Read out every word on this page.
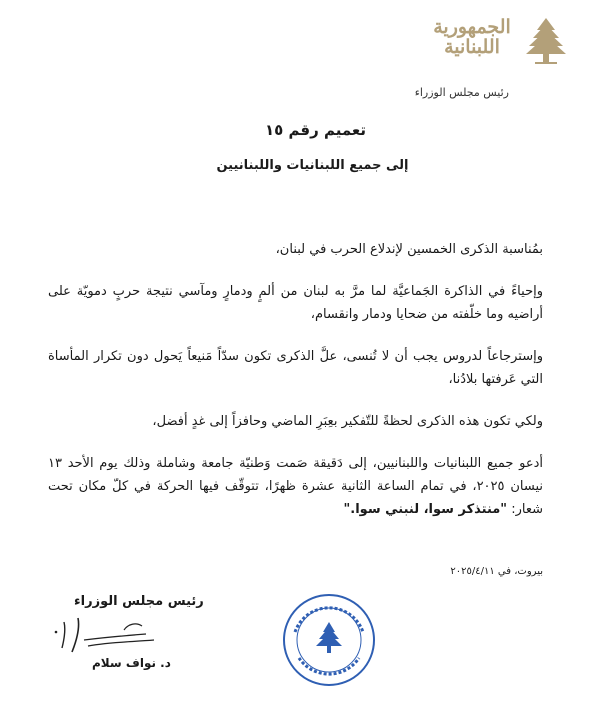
الجمهورية
اللبنانية
رئيس مجلس الوزراء
تعميم رقم ١٥
إلى جميع اللبنانيات واللبنانيين

بمُناسبة الذكرى الخمسين لإندلاع الحرب في لبنان،

وإحياءً في الذاكرة الجَماعيَّة لما مرَّ به لبنان من ألمٍ ودمارٍ ومآسي نتيجة حربٍ دمويّة على أراضيه وما خلّفته من ضحايا ودمار وانقسام،

وإسترجاعاً لدروس يجب أن لا تُنسى، علَّ الذكرى تكون سدّاً مَنيعاً يَحول دون تكرار المأساة التي عَرفتها بلادُنا،

ولكي تكون هذه الذكرى لحظةً للتّفكير بعِبَرِ الماضي وحافزاً إلى غدٍ أفضل،

أدعو جميع اللبنانيات واللبنانيين، إلى دَقيقة صَمت وَطنيّة جامعة وشاملة وذلك يوم الأحد ١٣ نيسان ٢٠٢٥، في تمام الساعة الثانية عشرة ظهرًا، تتوقّف فيها الحركة في كلّ مكان تحت شعار: "منتذكر سوا، لنبني سوا."

بيروت، في ٢٠٢٥/٤/١١
رئيس مجلس الوزراء
د. نواف سلام
